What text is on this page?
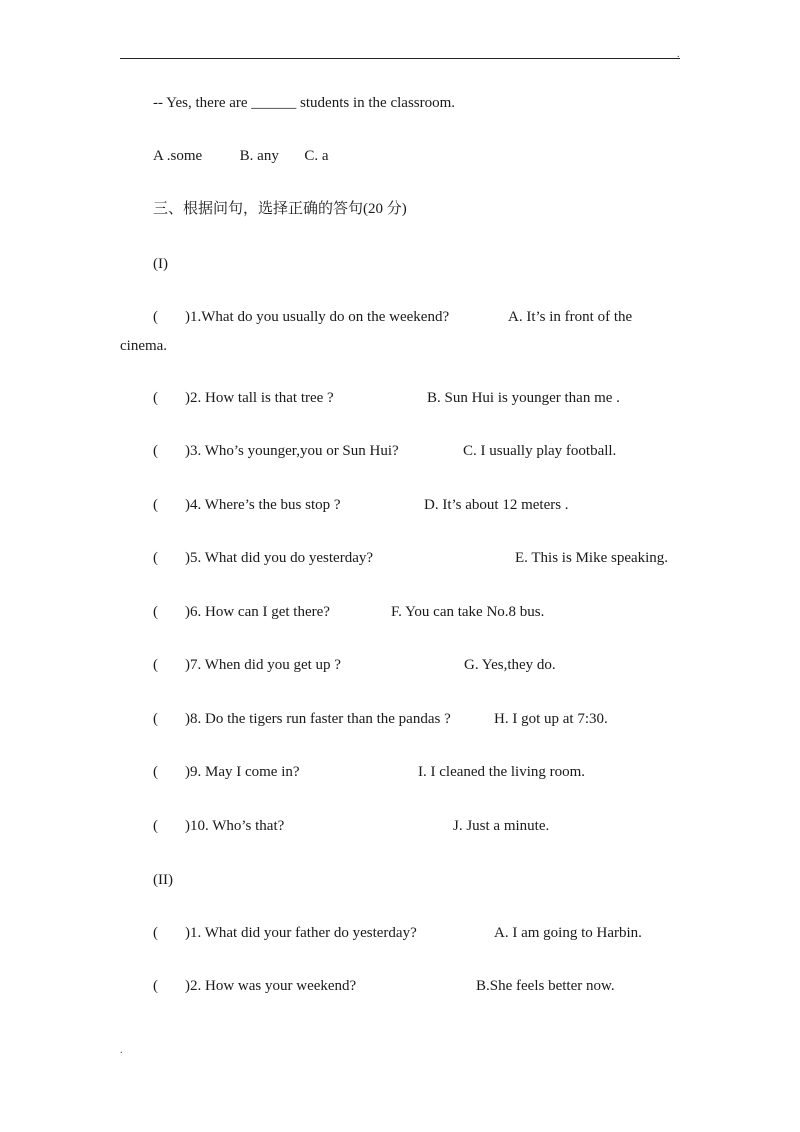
.
-- Yes, there are ______ students in the classroom.
A .some	B. any C. a
三、根据问句，选择正确的答句(20 分)
(I)
( )1.What do you usually do on the weekend?	A. It’s in front of the
cinema.
( )2. How tall is that tree ?	B. Sun Hui is younger than me .
( )3. Who’s younger,you or Sun Hui?	C. I usually play football.
( )4. Where’s the bus stop ?	D. It’s about 12 meters .
( )5. What did you do yesterday?	E. This is Mike speaking.
( )6. How can I get there?	F. You can take No.8 bus.
( )7. When did you get up ?	G. Yes,they do.
( )8. Do the tigers run faster than the pandas ?	H. I got up at 7:30.
( )9. May I come in?	I. I cleaned the living room.
( )10. Who’s that?	J. Just a minute.
(II)
( )1. What did your father do yesterday?	A. I am going to Harbin.
( )2. How was your weekend?	B.She feels better now.
.
